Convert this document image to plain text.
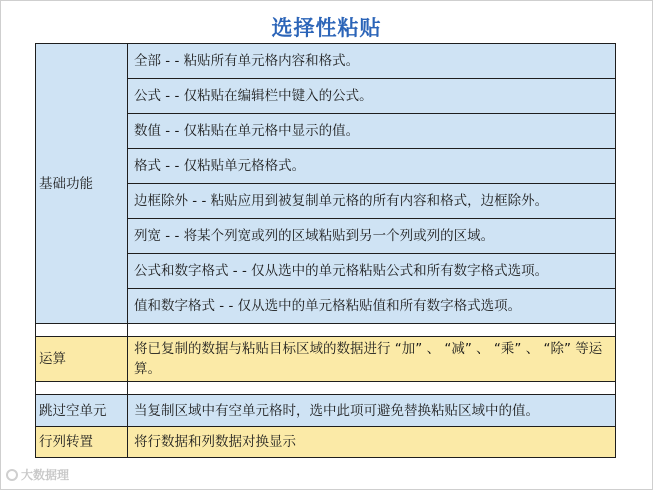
选择性粘贴
基础功能	全部 - - 粘贴所有单元格内容和格式。
	公式 - - 仅粘贴在编辑栏中键入的公式。
	数值 - - 仅粘贴在单元格中显示的值。
	格式 - - 仅粘贴单元格格式。
	边框除外 - - 粘贴应用到被复制单元格的所有内容和格式，边框除外。
	列宽 - - 将某个列宽或列的区域粘贴到另一个列或列的区域。
	公式和数字格式 - - 仅从选中的单元格粘贴公式和所有数字格式选项。
	值和数字格式 - - 仅从选中的单元格粘贴值和所有数字格式选项。

运算	将已复制的数据与粘贴目标区域的数据进行 “加” 、 “减” 、 “乘” 、 “除” 等运算。

跳过空单元	当复制区域中有空单元格时，选中此项可避免替换粘贴区域中的值。
行列转置	将行数据和列数据对换显示
大数据理
